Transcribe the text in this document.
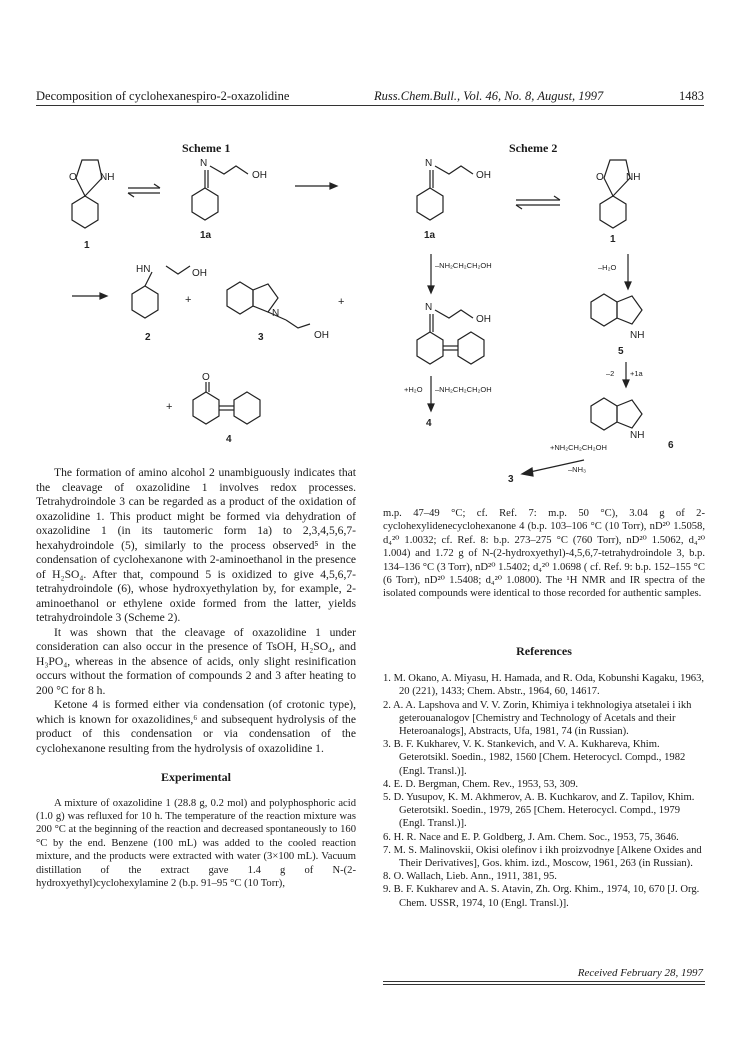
Decomposition of cyclohexanespiro-2-oxazolidine	Russ.Chem.Bull., Vol. 46, No. 8, August, 1997	1483
Scheme 1
O NH
1
N
OH
1a
HN	OH
2
+
N
OH
3
+
+
O
4
Scheme 2
N
OH
1a
O NH
1
–NH₂CH₂CH₂OH	–H₂O
N
OH
NH
5
+H₂O –NH₂CH₂CH₂OH
4
–2 +1a
NH
6
+NH₂CH₂CH₂OH
–NH₃
3

The formation of amino alcohol 2 unambiguously indicates that the cleavage of oxazolidine 1 involves redox processes. Tetrahydroindole 3 can be regarded as a product of the oxidation of oxazolidine 1. This product might be formed via dehydration of oxazolidine 1 (in its tautomeric form 1a) to 2,3,4,5,6,7-hexahydroindole (5), similarly to the process observed⁵ in the condensation of cyclohexanone with 2-aminoethanol in the presence of H₂SO₄. After that, compound 5 is oxidized to give 4,5,6,7-tetrahydroindole (6), whose hydroxyethylation by, for example, 2-aminoethanol or ethylene oxide formed from the latter, yields tetrahydroindole 3 (Scheme 2).

It was shown that the cleavage of oxazolidine 1 under consideration can also occur in the presence of TsOH, H₂SO₄, and H₃PO₄, whereas in the absence of acids, only slight resinification occurs without the formation of compounds 2 and 3 after heating to 200 °C for 8 h.

Ketone 4 is formed either via condensation (of crotonic type), which is known for oxazolidines,⁶ and subsequent hydrolysis of the product of this condensation or via condensation of the cyclohexanone resulting from the hydrolysis of oxazolidine 1.

Experimental

A mixture of oxazolidine 1 (28.8 g, 0.2 mol) and polyphosphoric acid (1.0 g) was refluxed for 10 h. The temperature of the reaction mixture was 200 °C at the beginning of the reaction and decreased spontaneously to 160 °C by the end. Benzene (100 mL) was added to the cooled reaction mixture, and the products were extracted with water (3×100 mL). Vacuum distillation of the extract gave 1.4 g of N-(2-hydroxyethyl)cyclohexylamine 2 (b.p. 91–95 °C (10 Torr),

m.p. 47–49 °C; cf. Ref. 7: m.p. 50 °C), 3.04 g of 2-cyclohexylidenecyclohexanone 4 (b.p. 103–106 °C (10 Torr), nD²⁰ 1.5058, d₄²⁰ 1.0032; cf. Ref. 8: b.p. 273–275 °C (760 Torr), nD²⁰ 1.5062, d₄²⁰ 1.004) and 1.72 g of N-(2-hydroxyethyl)-4,5,6,7-tetrahydroindole 3, b.p. 134–136 °C (3 Torr), nD²⁰ 1.5402; d₄²⁰ 1.0698 ( cf. Ref. 9: b.p. 152–155 °C (6 Torr), nD²⁰ 1.5408; d₄²⁰ 1.0800). The ¹H NMR and IR spectra of the isolated compounds were identical to those recorded for authentic samples.

References

1. M. Okano, A. Miyasu, H. Hamada, and R. Oda, Kobunshi Kagaku, 1963, 20 (221), 1433; Chem. Abstr., 1964, 60, 14617.

2. A. A. Lapshova and V. V. Zorin, Khimiya i tekhnologiya atsetalei i ikh geterouanalogov [Chemistry and Technology of Acetals and their Heteroanalogs], Abstracts, Ufa, 1981, 74 (in Russian).

3. B. F. Kukharev, V. K. Stankevich, and V. A. Kukhareva, Khim. Geterotsikl. Soedin., 1982, 1560 [Chem. Heterocycl. Compd., 1982 (Engl. Transl.)].

4. E. D. Bergman, Chem. Rev., 1953, 53, 309.

5. D. Yusupov, K. M. Akhmerov, A. B. Kuchkarov, and Z. Tapilov, Khim. Geterotsikl. Soedin., 1979, 265 [Chem. Heterocycl. Compd., 1979 (Engl. Transl.)].

6. H. R. Nace and E. P. Goldberg, J. Am. Chem. Soc., 1953, 75, 3646.

7. M. S. Malinovskii, Okisi olefinov i ikh proizvodnye [Alkene Oxides and Their Derivatives], Gos. khim. izd., Moscow, 1961, 263 (in Russian).

8. O. Wallach, Lieb. Ann., 1911, 381, 95.

9. B. F. Kukharev and A. S. Atavin, Zh. Org. Khim., 1974, 10, 670 [J. Org. Chem. USSR, 1974, 10 (Engl. Transl.)].

Received February 28, 1997
